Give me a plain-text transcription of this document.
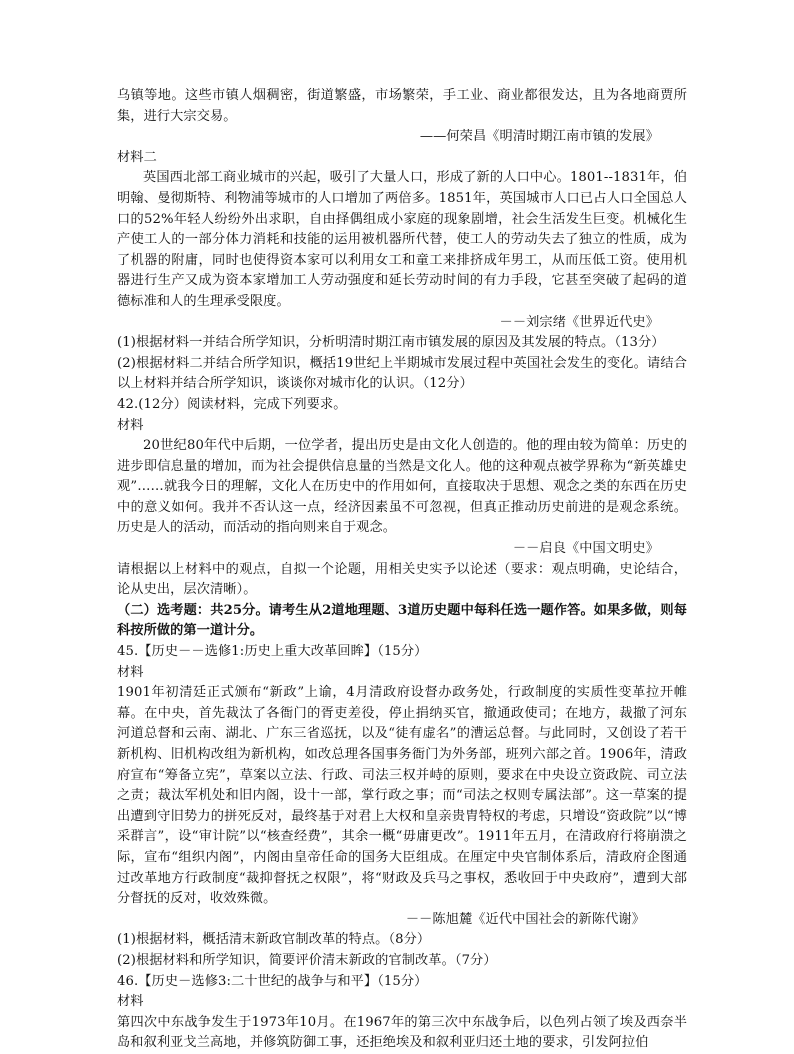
乌镇等地。这些市镇人烟稠密，街道繁盛，市场繁荣，手工业、商业都很发达，且为各地商贾所集，进行大宗交易。

——何荣昌《明清时期江南市镇的发展》

材料二

英国西北部工商业城市的兴起，吸引了大量人口，形成了新的人口中心。1801--1831年，伯明翰、曼彻斯特、利物浦等城市的人口增加了两倍多。1851年，英国城市人口已占人口全国总人口的52%年轻人纷纷外出求职，自由择偶组成小家庭的现象剧增，社会生活发生巨变。机械化生产使工人的一部分体力消耗和技能的运用被机器所代替，使工人的劳动失去了独立的性质，成为了机器的附庸，同时也使得资本家可以利用女工和童工来排挤成年男工，从而压低工资。使用机器进行生产又成为资本家增加工人劳动强度和延长劳动时间的有力手段，它甚至突破了起码的道德标准和人的生理承受限度。

－－刘宗绪《世界近代史》

(1)根据材料一并结合所学知识，分析明清时期江南市镇发展的原因及其发展的特点。（13分）

(2)根据材料二并结合所学知识，概括19世纪上半期城市发展过程中英国社会发生的变化。请结合以上材料并结合所学知识，谈谈你对城市化的认识。（12分）

42.(12分）阅读材料，完成下列要求。

材料

20世纪80年代中后期，一位学者，提出历史是由文化人创造的。他的理由较为简单：历史的进步即信息量的增加，而为社会提供信息量的当然是文化人。他的这种观点被学界称为“新英雄史观”……就我今日的理解，文化人在历史中的作用如何，直接取决于思想、观念之类的东西在历史中的意义如何。我并不否认这一点，经济因素虽不可忽视，但真正推动历史前进的是观念系统。历史是人的活动，而活动的指向则来自于观念。

－－启良《中国文明史》

请根据以上材料中的观点，自拟一个论题，用相关史实予以论述（要求：观点明确，史论结合，论从史出，层次清晰）。

（二）选考题：共25分。请考生从2道地理题、3道历史题中每科任选一题作答。如果多做，则每科按所做的第一道计分。

45.【历史－－选修1:历史上重大改革回眸】（15分）

材料

1901年初清廷正式颁布“新政”上谕，4月清政府设督办政务处，行政制度的实质性变革拉开帷幕。在中央，首先裁汰了各衙门的胥吏差役，停止捐纳买官，撤通政使司；在地方，裁撤了河东河道总督和云南、湖北、广东三省巡抚，以及“徒有虚名”的漕运总督。与此同时，又创设了若干新机构、旧机构改组为新机构，如改总理各国事务衙门为外务部，班列六部之首。1906年，清政府宣布“筹备立宪”，草案以立法、行政、司法三权并峙的原则，要求在中央设立资政院、司立法之责；裁汰军机处和旧内阁，设十一部，掌行政之事；而“司法之权则专属法部”。这一草案的提出遭到守旧势力的拼死反对，最终基于对君上大权和皇亲贵胄特权的考虑，只增设“资政院”以“博采群言”，设“审计院”以“核查经费”，其余一概“毋庸更改”。1911年五月，在清政府行将崩溃之际，宣布“组织内阁”，内阁由皇帝任命的国务大臣组成。在厘定中央官制体系后，清政府企图通过改革地方行政制度“裁抑督抚之权限”，将“财政及兵马之事权，悉收回于中央政府”，遭到大部分督抚的反对，收效殊微。

－－陈旭麓《近代中国社会的新陈代谢》

(1)根据材料，概括清末新政官制改革的特点。（8分）

(2)根据材料和所学知识，简要评价清末新政的官制改革。（7分）

46.【历史－选修3:二十世纪的战争与和平】（15分）

材料

第四次中东战争发生于1973年10月。在1967年的第三次中东战争后，以色列占领了埃及西奈半岛和叙利亚戈兰高地，并修筑防御工事，还拒绝埃及和叙利亚归还土地的要求，引发阿拉伯
